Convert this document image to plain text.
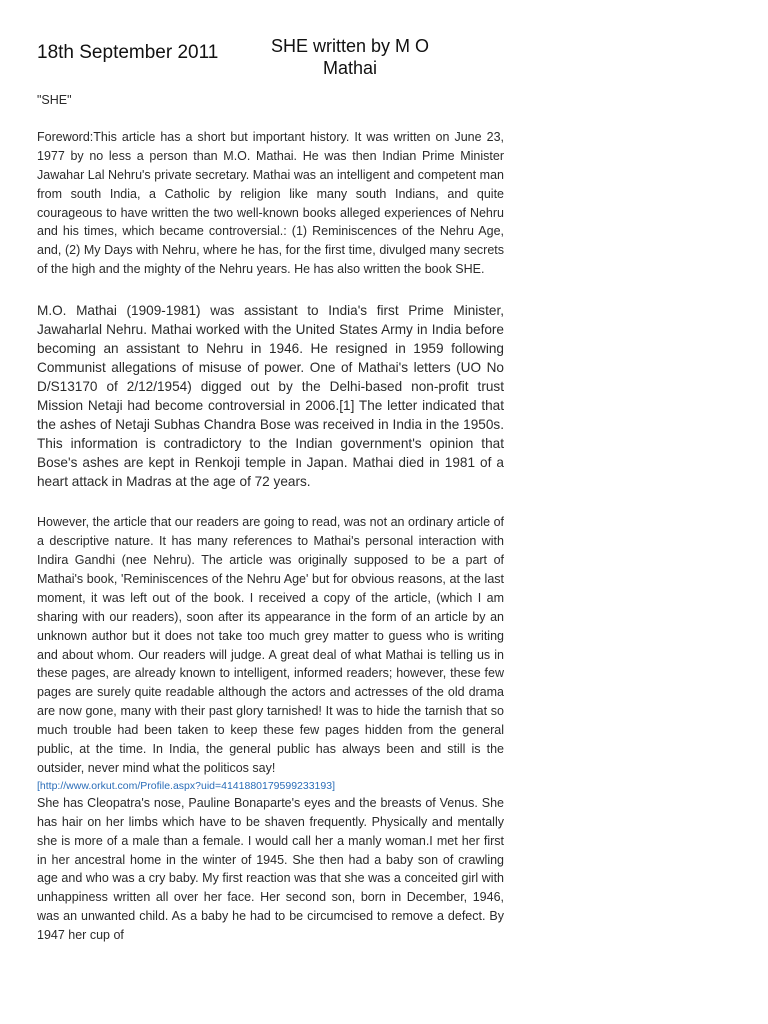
18th September 2011	SHE written by M O Mathai

"SHE"

Foreword:This article has a short but important history. It was written on June 23, 1977 by no less a person than M.O. Mathai. He was then Indian Prime Minister Jawahar Lal Nehru's private secretary. Mathai was an intelligent and competent man from south India, a Catholic by religion like many south Indians, and quite courageous to have written the two well-known books alleged experiences of Nehru and his times, which became controversial.: (1) Reminiscences of the Nehru Age, and, (2) My Days with Nehru, where he has, for the first time, divulged many secrets of the high and the mighty of the Nehru years. He has also written the book SHE.

M.O. Mathai (1909-1981) was assistant to India's first Prime Minister, Jawaharlal Nehru. Mathai worked with the United States Army in India before becoming an assistant to Nehru in 1946. He resigned in 1959 following Communist allegations of misuse of power. One of Mathai's letters (UO No D/S13170 of 2/12/1954) digged out by the Delhi-based non-profit trust Mission Netaji had become controversial in 2006.[1] The letter indicated that the ashes of Netaji Subhas Chandra Bose was received in India in the 1950s. This information is contradictory to the Indian government's opinion that Bose's ashes are kept in Renkoji temple in Japan. Mathai died in 1981 of a heart attack in Madras at the age of 72 years.

However, the article that our readers are going to read, was not an ordinary article of a descriptive nature. It has many references to Mathai's personal interaction with Indira Gandhi (nee Nehru). The article was originally supposed to be a part of Mathai's book, 'Reminiscences of the Nehru Age' but for obvious reasons, at the last moment, it was left out of the book. I received a copy of the article, (which I am sharing with our readers), soon after its appearance in the form of an article by an unknown author but it does not take too much grey matter to guess who is writing and about whom. Our readers will judge. A great deal of what Mathai is telling us in these pages, are already known to intelligent, informed readers; however, these few pages are surely quite readable although the actors and actresses of the old drama are now gone, many with their past glory tarnished! It was to hide the tarnish that so much trouble had been taken to keep these few pages hidden from the general public, at the time. In India, the general public has always been and still is the outsider, never mind what the politicos say!

[http://www.orkut.com/Profile.aspx?uid=4141880179599233193]

She has Cleopatra's nose, Pauline Bonaparte's eyes and the breasts of Venus. She has hair on her limbs which have to be shaven frequently. Physically and mentally she is more of a male than a female. I would call her a manly woman.I met her first in her ancestral home in the winter of 1945. She then had a baby son of crawling age and who was a cry baby. My first reaction was that she was a conceited girl with unhappiness written all over her face. Her second son, born in December, 1946, was an unwanted child. As a baby he had to be circumcised to remove a defect. By 1947 her cup of
